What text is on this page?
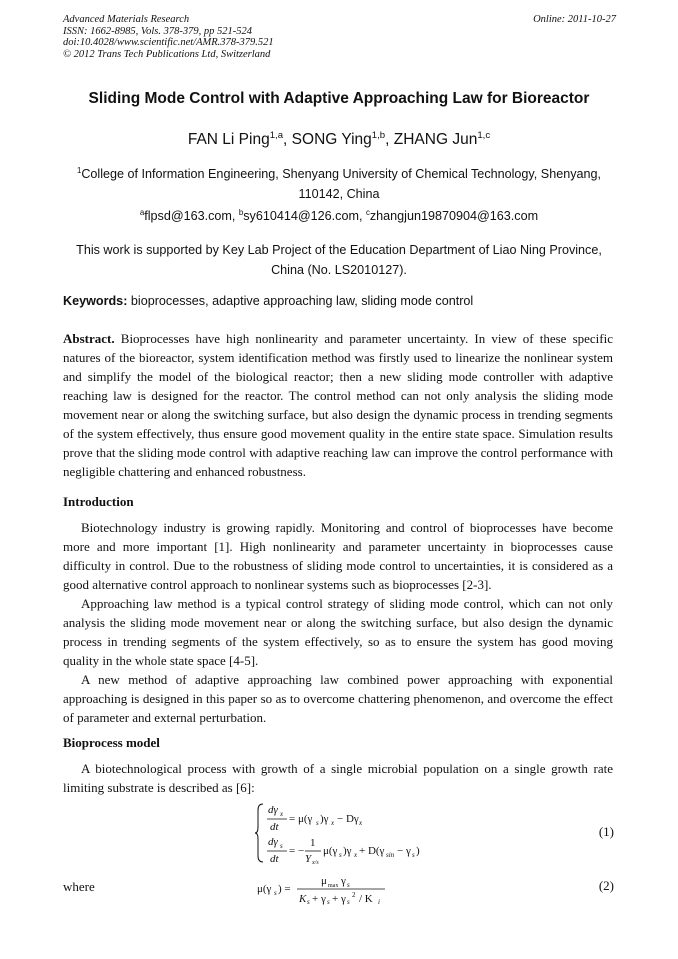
Advanced Materials Research
ISSN: 1662-8985, Vols. 378-379, pp 521-524
doi:10.4028/www.scientific.net/AMR.378-379.521
© 2012 Trans Tech Publications Ltd, Switzerland
Online: 2011-10-27
Sliding Mode Control with Adaptive Approaching Law for Bioreactor
FAN Li Ping$^{1,a}$, SONG Ying$^{1,b}$, ZHANG Jun$^{1,c}$
$^1$College of Information Engineering, Shenyang University of Chemical Technology, Shenyang,
110142, China
$^a$flpsd@163.com, $^b$sy610414@126.com, $^c$zhangjun19870904@163.com
This work is supported by Key Lab Project of the Education Department of Liao Ning Province,
China (No. LS2010127).
Keywords: bioprocesses, adaptive approaching law, sliding mode control
Abstract. Bioprocesses have high nonlinearity and parameter uncertainty. In view of these specific natures of the bioreactor, system identification method was firstly used to linearize the nonlinear system and simplify the model of the biological reactor; then a new sliding mode controller with adaptive reaching law is designed for the reactor. The control method can not only analysis the sliding mode movement near or along the switching surface, but also design the dynamic process in trending segments of the system effectively, thus ensure good movement quality in the entire state space. Simulation results prove that the sliding mode control with adaptive reaching law can improve the control performance with negligible chattering and enhanced robustness.
Introduction

Biotechnology industry is growing rapidly. Monitoring and control of bioprocesses have become more and more important [1]. High nonlinearity and parameter uncertainty in bioprocesses cause difficulty in control. Due to the robustness of sliding mode control to uncertainties, it is considered as a good alternative control approach to nonlinear systems such as bioprocesses [2-3].

Approaching law method is a typical control strategy of sliding mode control, which can not only analysis the sliding mode movement near or along the switching surface, but also design the dynamic process in trending segments of the system effectively, so as to ensure the system has good moving quality in the whole state space [4-5].

A new method of adaptive approaching law combined power approaching with exponential approaching is designed in this paper so as to overcome chattering phenomenon, and overcome the effect of parameter and external perturbation.

Bioprocess model

A biotechnological process with growth of a single microbial population on a single growth rate limiting substrate is described as [6]:

dγ x
dt
= μ(γ s )γ x − Dγ x
dγ s
dt
= −
1
Y x/s
μ(γ s )γ x + D(γ sin − γ s )
(1)
where	μ(γ s ) =
μ max γ s
K s + γ s + γ s
2 / K i
(2)
